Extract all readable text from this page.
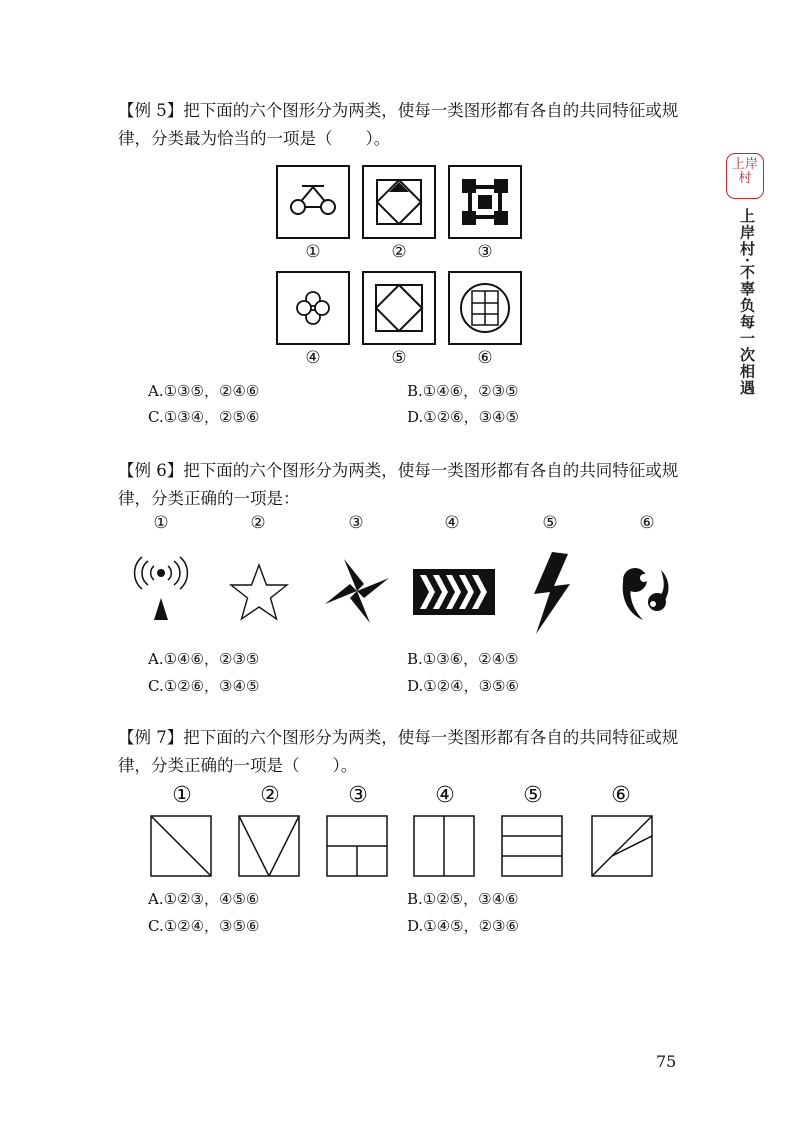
上岸村
上岸村·不辜负每一次相遇
【例 5】把下面的六个图形分为两类，使每一类图形都有各自的共同特征或规
律，分类最为恰当的一项是（　　）。
①	②	③
④	⑤	⑥
A.①③⑤，②④⑥	B.①④⑥，②③⑤
C.①③④，②⑤⑥	D.①②⑥，③④⑤
【例 6】把下面的六个图形分为两类，使每一类图形都有各自的共同特征或规
律，分类正确的一项是：
①	②	③	④	⑤	⑥
A.①④⑥，②③⑤	B.①③⑥，②④⑤
C.①②⑥，③④⑤	D.①②④，③⑤⑥
【例 7】把下面的六个图形分为两类，使每一类图形都有各自的共同特征或规
律，分类正确的一项是（　　）。
①	②	③	④	⑤	⑥
A.①②③，④⑤⑥	B.①②⑤，③④⑥
C.①②④，③⑤⑥	D.①④⑤，②③⑥
75
